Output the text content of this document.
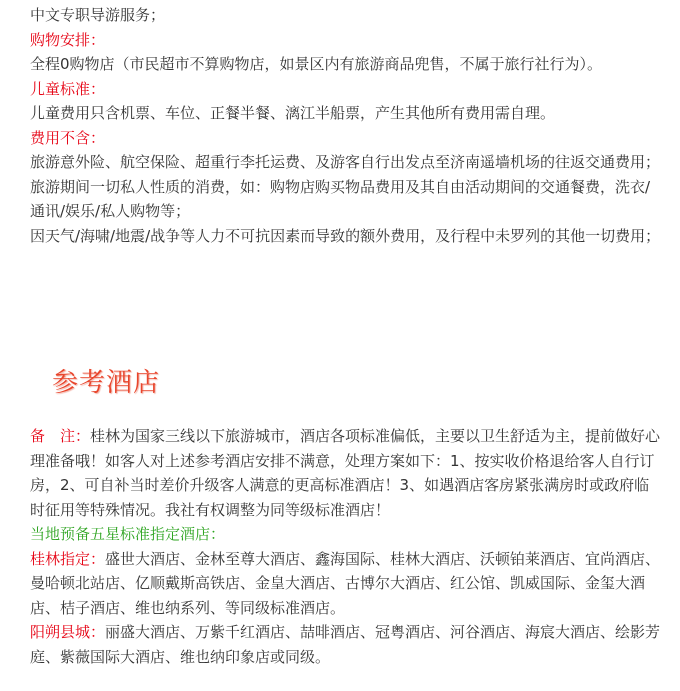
中文专职导游服务；

购物安排：

全程0购物店（市民超市不算购物店，如景区内有旅游商品兜售，不属于旅行社行为）。

儿童标准：

儿童费用只含机票、车位、正餐半餐、漓江半船票，产生其他所有费用需自理。

费用不含：

旅游意外险、航空保险、超重行李托运费、及游客自行出发点至济南遥墙机场的往返交通费用；

旅游期间一切私人性质的消费，如：购物店购买物品费用及其自由活动期间的交通餐费，洗衣/通讯/娱乐/私人购物等；

因天气/海啸/地震/战争等人力不可抗因素而导致的额外费用，及行程中未罗列的其他一切费用；

参考酒店

备　注：桂林为国家三线以下旅游城市，酒店各项标准偏低，主要以卫生舒适为主，提前做好心理准备哦！如客人对上述参考酒店安排不满意，处理方案如下：1、按实收价格退给客人自行订房，2、可自补当时差价升级客人满意的更高标准酒店！3、如遇酒店客房紧张满房时或政府临时征用等特殊情况。我社有权调整为同等级标准酒店！

当地预备五星标准指定酒店：

桂林指定：盛世大酒店、金林至尊大酒店、鑫海国际、桂林大酒店、沃顿铂莱酒店、宜尚酒店、曼哈顿北站店、亿顺戴斯高铁店、金皇大酒店、古博尔大酒店、红公馆、凯威国际、金玺大酒店、桔子酒店、维也纳系列、等同级标准酒店。

阳朔县城：丽盛大酒店、万紫千红酒店、喆啡酒店、冠粤酒店、河谷酒店、海宸大酒店、绘影芳庭、紫薇国际大酒店、维也纳印象店或同级。
